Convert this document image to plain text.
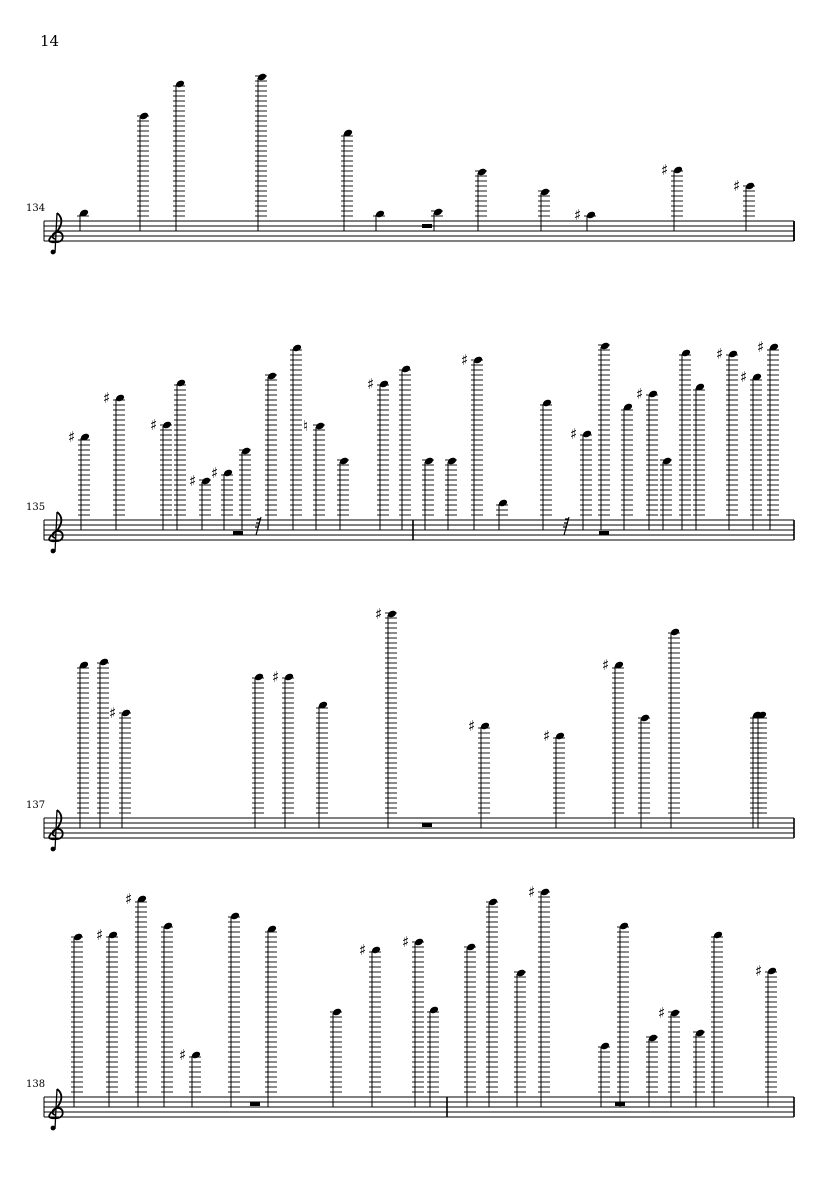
14
134	♯
♯
♯
135
♯
♯
♯
♯ ♯
♮
♯
♯
♯
♯
♯
♯
♯
137
♯
♯
♯
♯
♯
♯
138
♯
♯
♯
♯ ♯
♯
♯
♯
